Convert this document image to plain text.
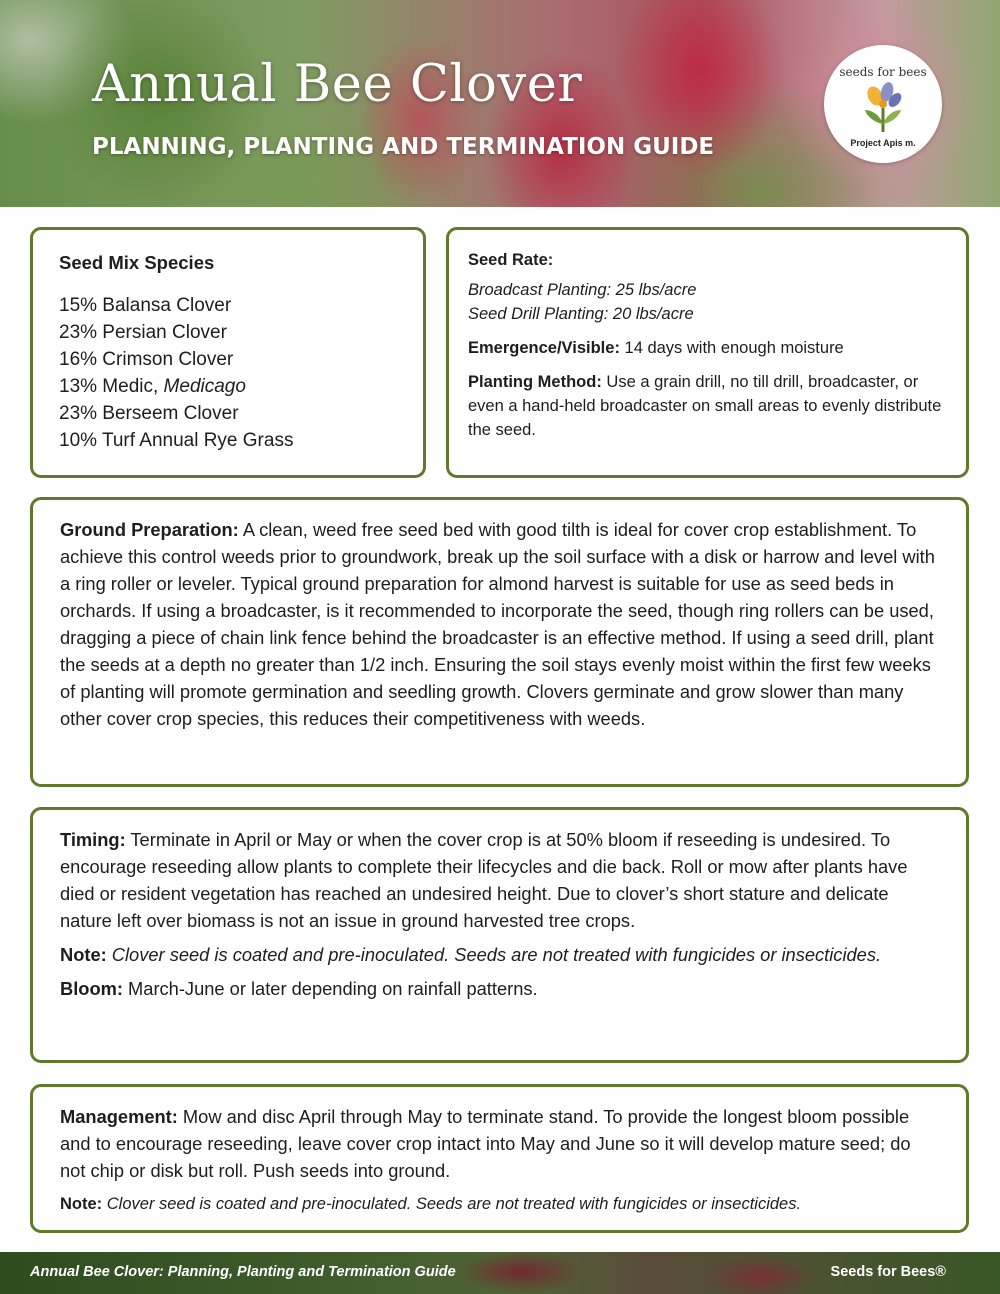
Annual Bee Clover
PLANNING, PLANTING AND TERMINATION GUIDE
seeds for bees
Project Apis m.
Seed Mix Species
15% Balansa Clover
23% Persian Clover
16% Crimson Clover
13% Medic, Medicago
23% Berseem Clover
10% Turf Annual Rye Grass

Seed Rate:

Broadcast Planting: 25 lbs/acre

Seed Drill Planting: 20 lbs/acre

Emergence/Visible: 14 days with enough moisture

Planting Method: Use a grain drill, no till drill, broadcaster, or even a hand-held broadcaster on small areas to evenly distribute the seed.

Ground Preparation: A clean, weed free seed bed with good tilth is ideal for cover crop establishment. To achieve this control weeds prior to groundwork, break up the soil surface with a disk or harrow and level with a ring roller or leveler. Typical ground preparation for almond harvest is suitable for use as seed beds in orchards. If using a broadcaster, is it recommended to incorporate the seed, though ring rollers can be used, dragging a piece of chain link fence behind the broadcaster is an effective method. If using a seed drill, plant the seeds at a depth no greater than 1/2 inch. Ensuring the soil stays evenly moist within the first few weeks of planting will promote germination and seedling growth. Clovers germinate and grow slower than many other cover crop species, this reduces their competitiveness with weeds.

Timing: Terminate in April or May or when the cover crop is at 50% bloom if reseeding is undesired. To encourage reseeding allow plants to complete their lifecycles and die back. Roll or mow after plants have died or resident vegetation has reached an undesired height. Due to clover’s short stature and delicate nature left over biomass is not an issue in ground harvested tree crops.

Note: Clover seed is coated and pre-inoculated. Seeds are not treated with fungicides or insecticides.

Bloom: March-June or later depending on rainfall patterns.

Management: Mow and disc April through May to terminate stand. To provide the longest bloom possible and to encourage reseeding, leave cover crop intact into May and June so it will develop mature seed; do not chip or disk but roll. Push seeds into ground.

Note: Clover seed is coated and pre-inoculated. Seeds are not treated with fungicides or insecticides.

Annual Bee Clover: Planning, Planting and Termination Guide	Seeds for Bees®
